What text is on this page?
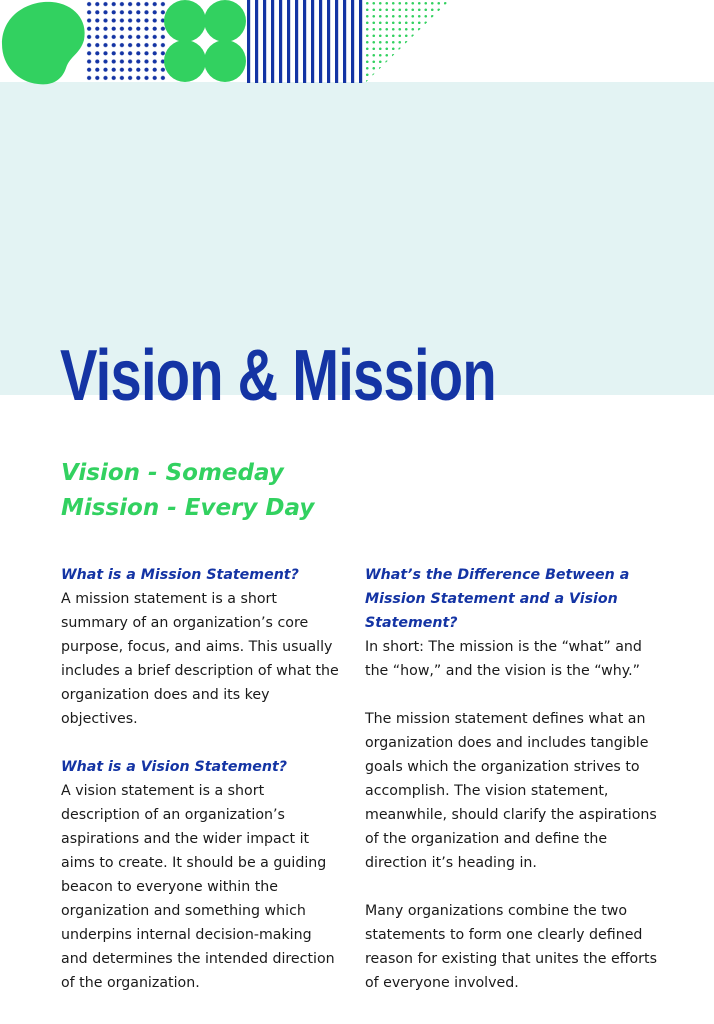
Vision & Mission
Vision - Someday
Mission - Every Day
What is a Mission Statement?

A mission statement is a short summary of an organization’s core purpose, focus, and aims. This usually includes a brief description of what the organization does and its key objectives.

What is a Vision Statement?

A vision statement is a short description of an organization’s aspirations and the wider impact it aims to create. It should be a guiding beacon to everyone within the organization and something which underpins internal decision-making and determines the intended direction of the organization.

What’s the Difference Between a Mission Statement and a Vision Statement?

In short: The mission is the “what” and the “how,” and the vision is the “why.”

The mission statement defines what an organization does and includes tangible goals which the organization strives to accomplish. The vision statement, meanwhile, should clarify the aspirations of the organization and define the direction it’s heading in.

Many organizations combine the two statements to form one clearly defined reason for existing that unites the efforts of everyone involved.
